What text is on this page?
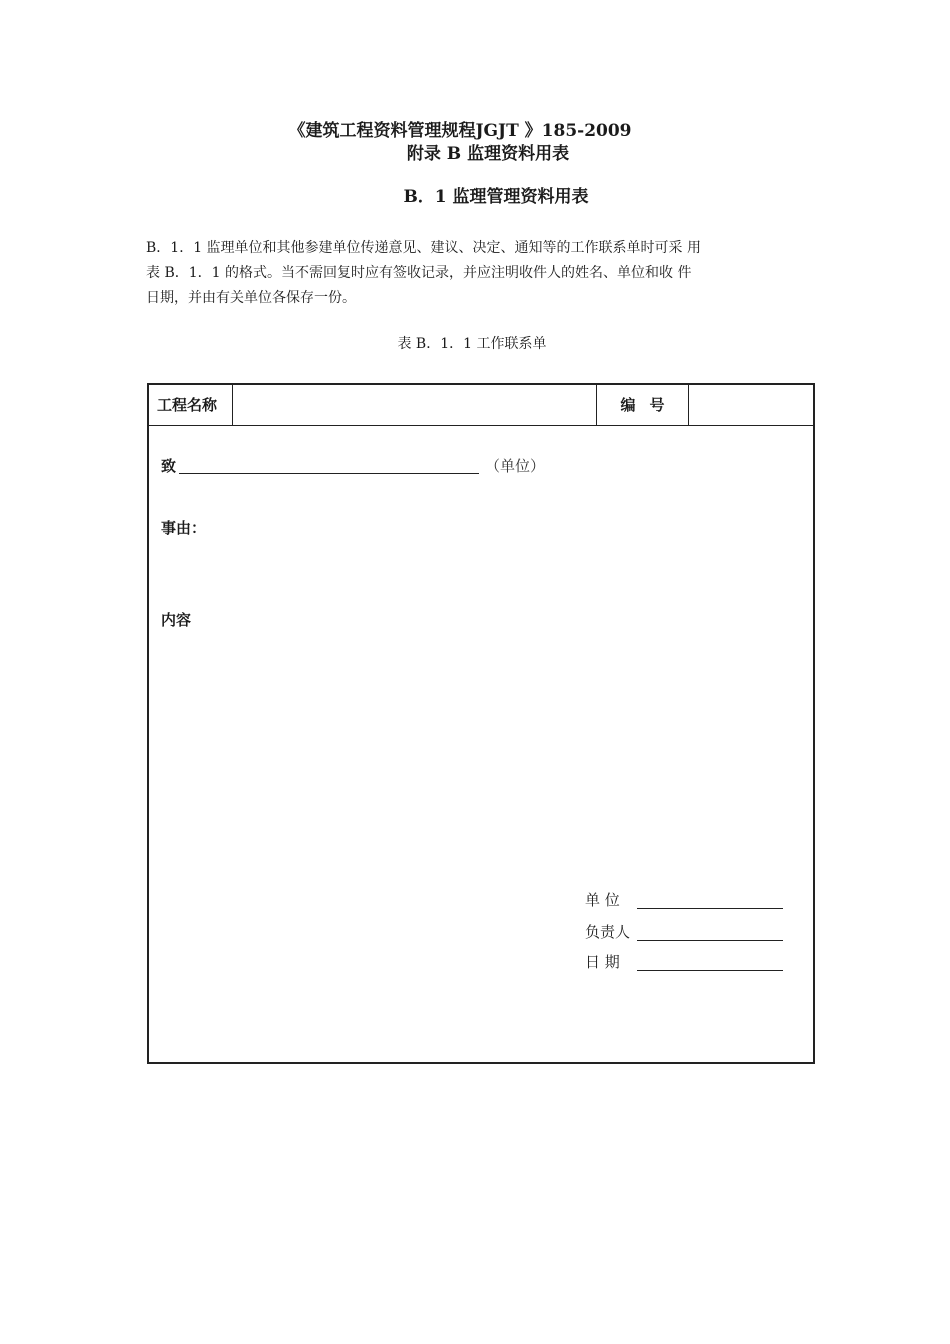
《建筑工程资料管理规程JGJT 》185-2009
附录 B 监理资料用表
B．1 监理管理资料用表
B．1．1 监理单位和其他参建单位传递意见、建议、决定、通知等的工作联系单时可采 用
表 B．1．1 的格式。当不需回复时应有签收记录，并应注明收件人的姓名、单位和收 件
日期，并由有关单位各保存一份。
表 B．1．1 工作联系单
工程名称	编号
致	（单位）
事由：
内容
单 位
负责人
日 期
